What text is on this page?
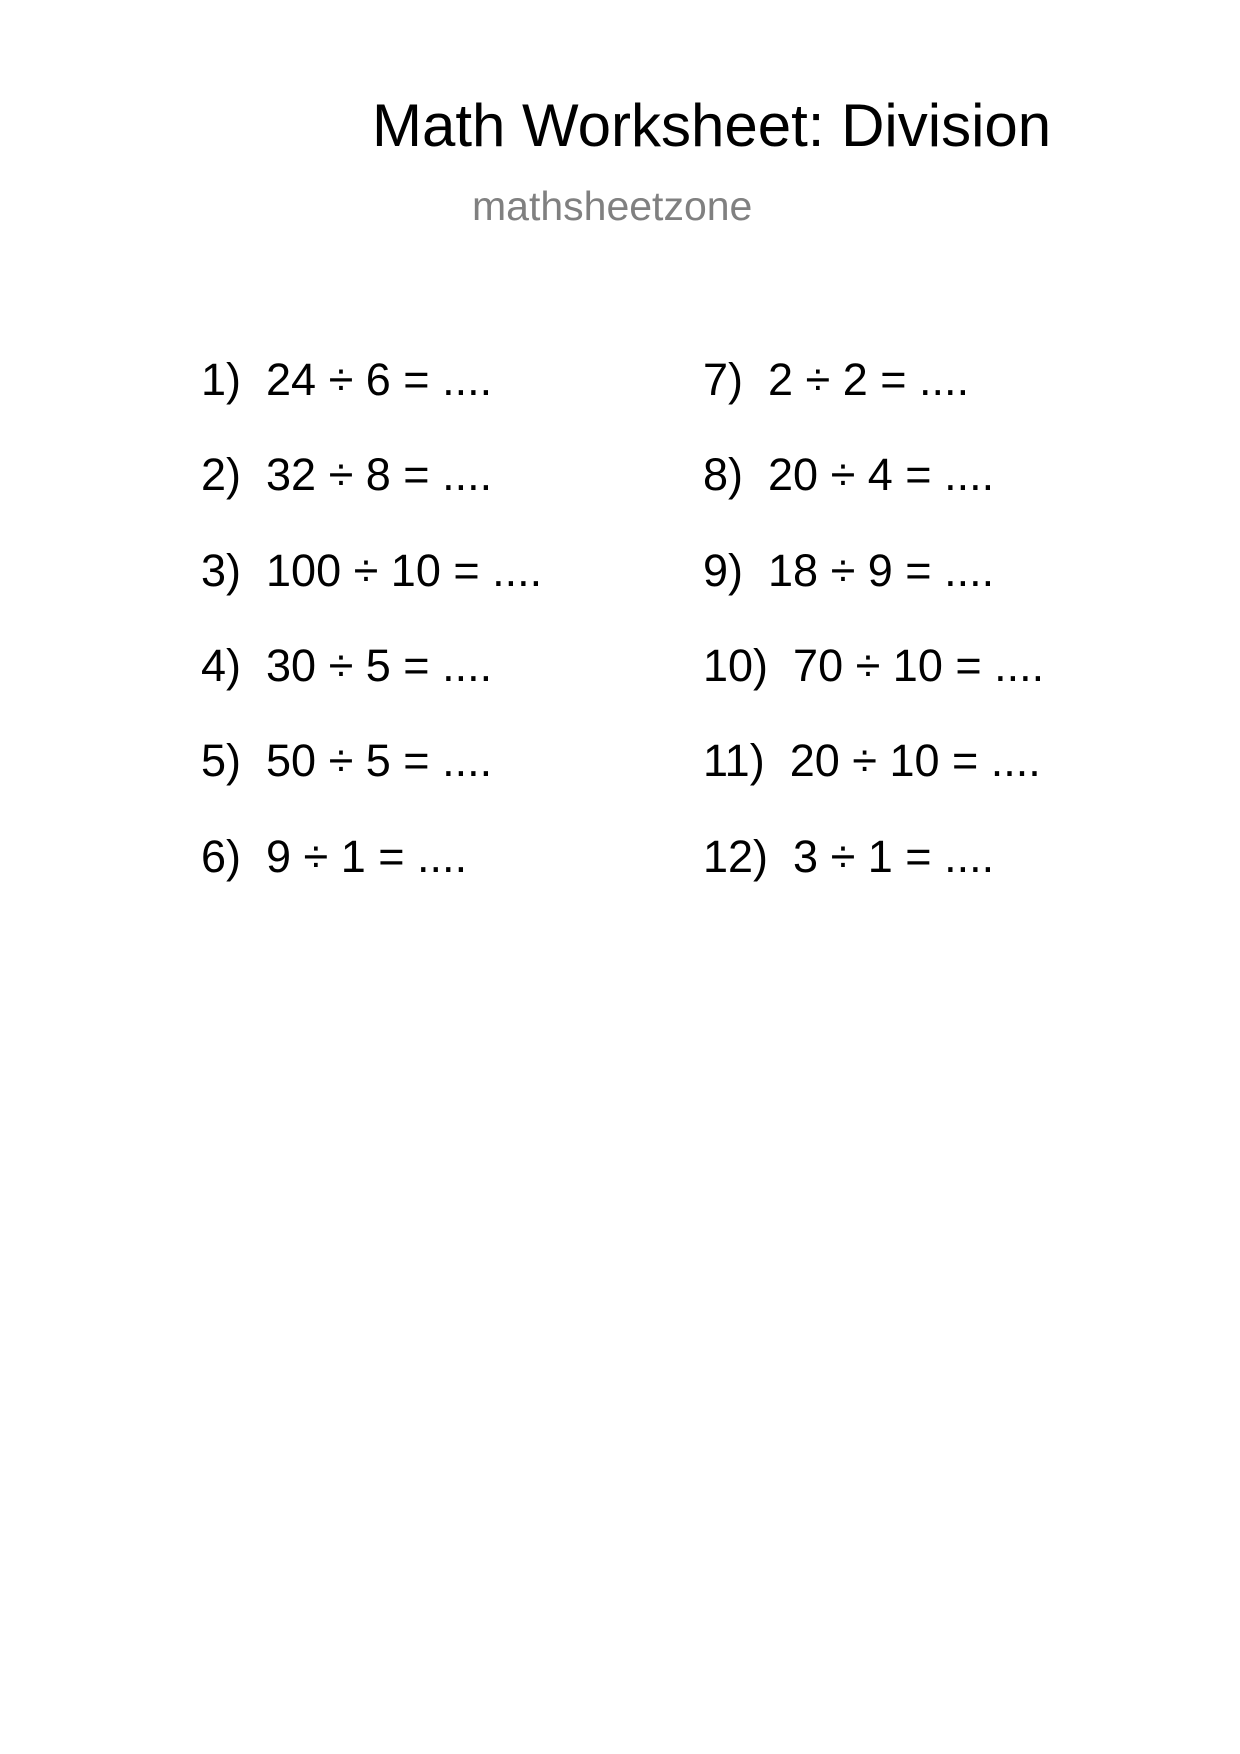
Math Worksheet: Division
mathsheetzone
1)  24 ÷ 6 = ....
2)  32 ÷ 8 = ....
3)  100 ÷ 10 = ....
4)  30 ÷ 5 = ....
5)  50 ÷ 5 = ....
6)  9 ÷ 1 = ....
7)  2 ÷ 2 = ....
8)  20 ÷ 4 = ....
9)  18 ÷ 9 = ....
10)  70 ÷ 10 = ....
11)  20 ÷ 10 = ....
12)  3 ÷ 1 = ....
